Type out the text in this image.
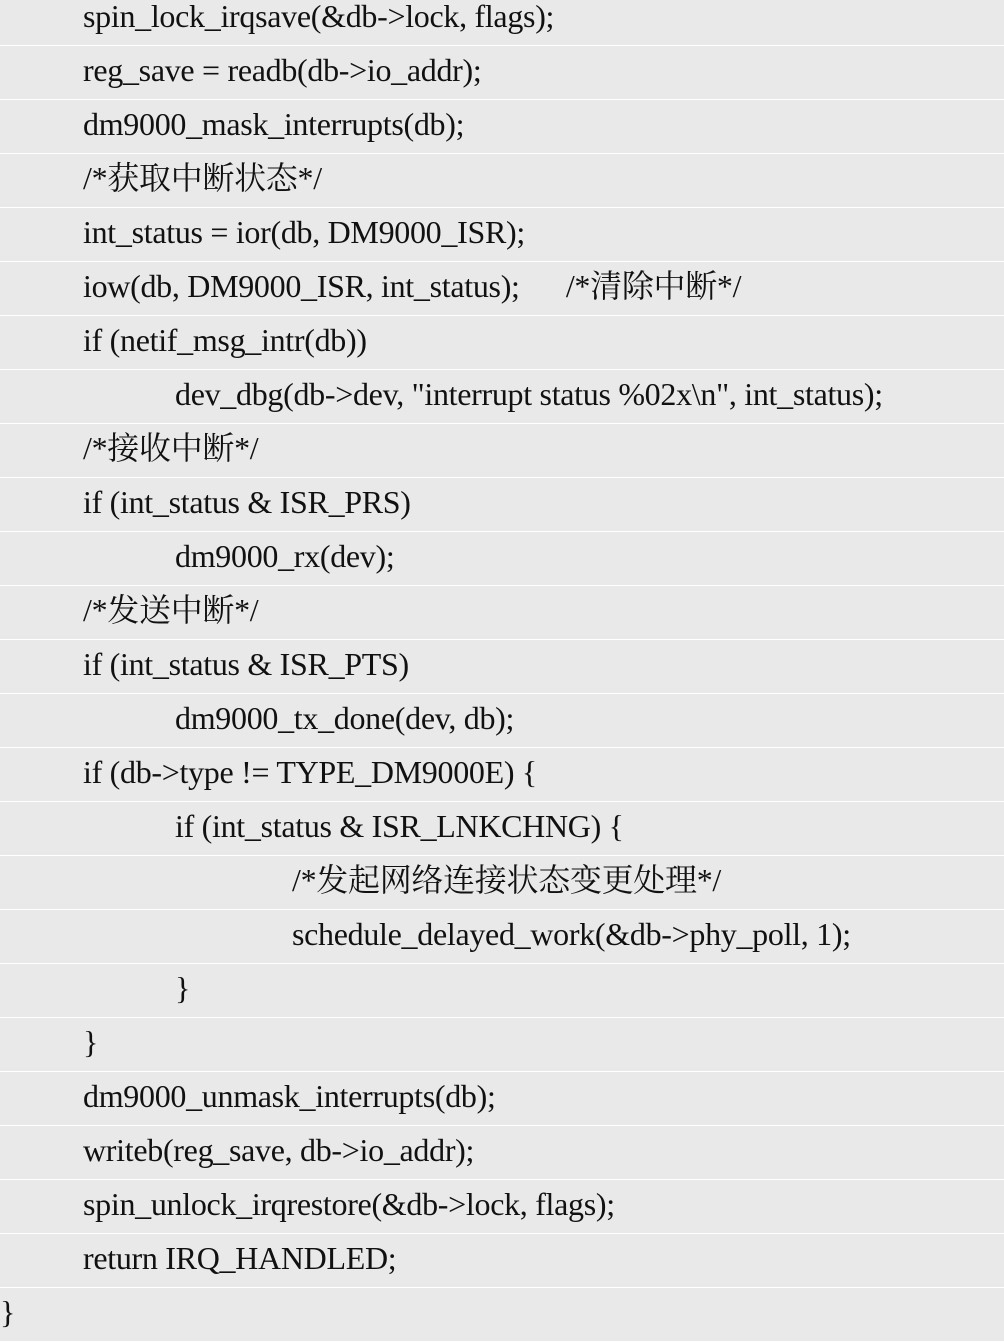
spin_lock_irqsave(&db->lock, flags);
reg_save = readb(db->io_addr);
dm9000_mask_interrupts(db);
/*获取中断状态*/
int_status = ior(db, DM9000_ISR);
iow(db, DM9000_ISR, int_status);      /*清除中断*/
if (netif_msg_intr(db))
dev_dbg(db->dev, "interrupt status %02x\n", int_status);
/*接收中断*/
if (int_status & ISR_PRS)
dm9000_rx(dev);
/*发送中断*/
if (int_status & ISR_PTS)
dm9000_tx_done(dev, db);
if (db->type != TYPE_DM9000E) {
if (int_status & ISR_LNKCHNG) {
/*发起网络连接状态变更处理*/
schedule_delayed_work(&db->phy_poll, 1);
}
}
dm9000_unmask_interrupts(db);
writeb(reg_save, db->io_addr);
spin_unlock_irqrestore(&db->lock, flags);
return IRQ_HANDLED;
}
